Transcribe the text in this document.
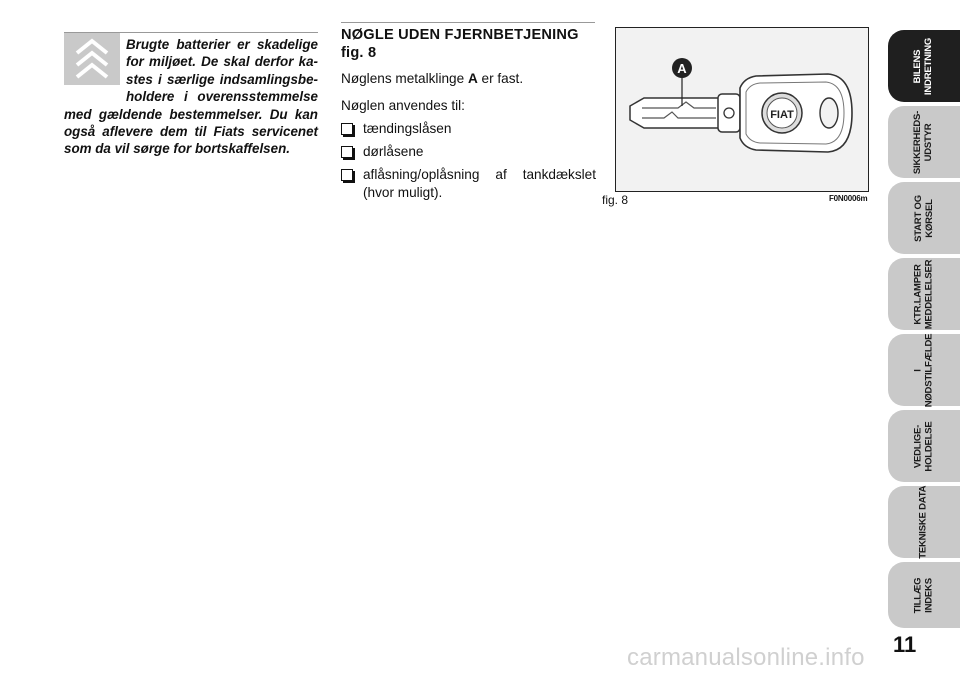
Brugte batterier er skadelige for miljøet. De skal derfor ka-stes i særlige indsamlingsbe-holdere i overensstemmelse med gældende bestemmelser. Du kan også aflevere dem til Fiats servicenet som da vil sørge for bortskaffelsen.
NØGLE UDEN FJERNBETJENING fig. 8
Nøglens metalklinge A er fast.
Nøglen anvendes til:
tændingslåsen
dørlåsene
aflåsning/oplåsning af tankdækslet (hvor muligt).
FIAT
A
fig. 8	F0N0006m
BILENS
INDRETNING
SIKKERHEDS-
UDSTYR
START OG
KØRSEL
KTR.LAMPER
MEDDELELSER
I
NØDSTILFÆLDE
VEDLIGE-
HOLDELSE
TEKNISKE DATA
TILLÆG
INDEKS
11
carmanualsonline.info
